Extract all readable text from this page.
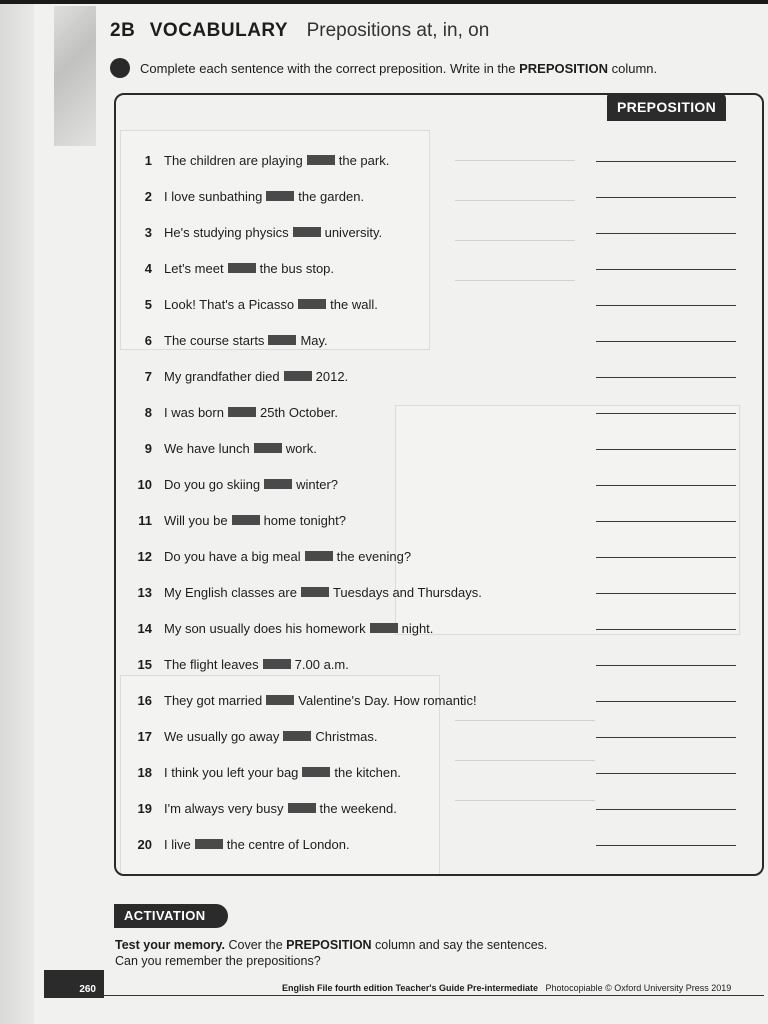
2B VOCABULARY Prepositions at, in, on
Complete each sentence with the correct preposition. Write in the PREPOSITION column.
PREPOSITION
1 The children are playing	the park.
2 I love sunbathing	the garden.
3 He's studying physics	university.
4 Let's meet	the bus stop.
5 Look! That's a Picasso	the wall.
6 The course starts	May.
7 My grandfather died	2012.
8 I was born	25th October.
9 We have lunch	work.
10 Do you go skiing	winter?
11 Will you be	home tonight?
12 Do you have a big meal	the evening?
13 My English classes are	Tuesdays and Thursdays.
14 My son usually does his homework	night.
15 The flight leaves	7.00 a.m.
16 They got married	Valentine's Day. How romantic!
17 We usually go away	Christmas.
18 I think you left your bag	the kitchen.
19 I'm always very busy	the weekend.
20 I live	the centre of London.
ACTIVATION
Test your memory. Cover the PREPOSITION column and say the sentences.
Can you remember the prepositions?
260	English File fourth edition Teacher's Guide Pre-intermediate Photocopiable © Oxford University Press 2019
